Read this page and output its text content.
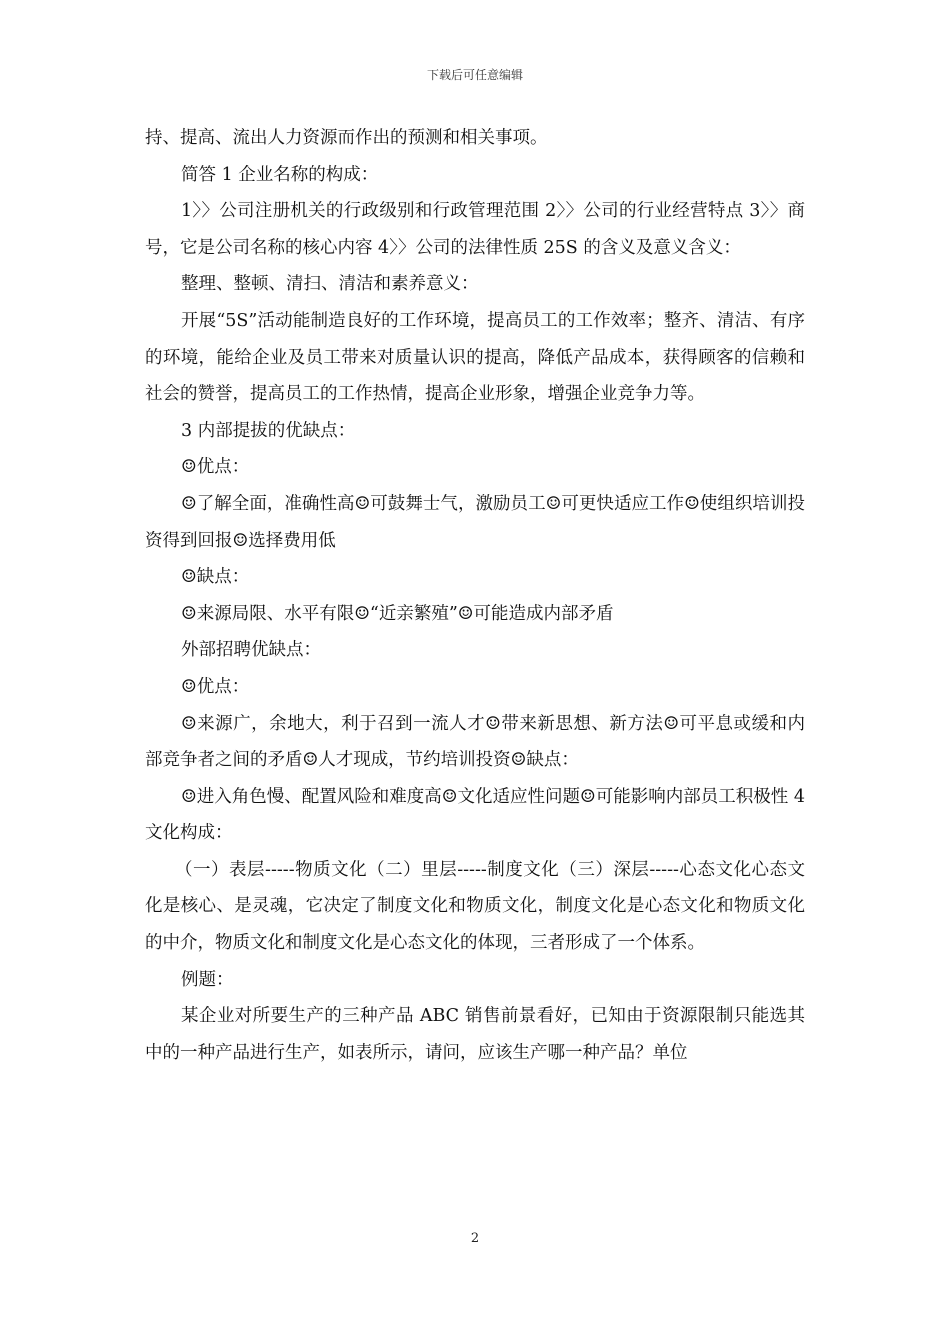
下载后可任意编辑

持、提高、流出人力资源而作出的预测和相关事项。

简答 1 企业名称的构成：

1〉〉公司注册机关的行政级别和行政管理范围 2〉〉公司的行业经营特点 3〉〉商号，它是公司名称的核心内容 4〉〉公司的法律性质 25S 的含义及意义含义：

整理、整顿、清扫、清洁和素养意义：

开展“5S”活动能制造良好的工作环境，提高员工的工作效率；整齐、清洁、有序的环境，能给企业及员工带来对质量认识的提高，降低产品成本，获得顾客的信赖和社会的赞誉，提高员工的工作热情，提高企业形象，增强企业竞争力等。

3 内部提拔的优缺点：

☺优点：

☺了解全面，准确性高☺可鼓舞士气，激励员工☺可更快适应工作☺使组织培训投资得到回报☺选择费用低

☺缺点：

☺来源局限、水平有限☺“近亲繁殖”☺可能造成内部矛盾

外部招聘优缺点：

☺优点：

☺来源广，余地大，利于召到一流人才☺带来新思想、新方法☺可平息或缓和内部竞争者之间的矛盾☺人才现成，节约培训投资☺缺点：

☺进入角色慢、配置风险和难度高☺文化适应性问题☺可能影响内部员工积极性 4 文化构成：

（一）表层-----物质文化（二）里层-----制度文化（三）深层-----心态文化心态文化是核心、是灵魂，它决定了制度文化和物质文化，制度文化是心态文化和物质文化的中介，物质文化和制度文化是心态文化的体现，三者形成了一个体系。

例题：

某企业对所要生产的三种产品 ABC 销售前景看好，已知由于资源限制只能选其中的一种产品进行生产，如表所示，请问，应该生产哪一种产品？单位

2
